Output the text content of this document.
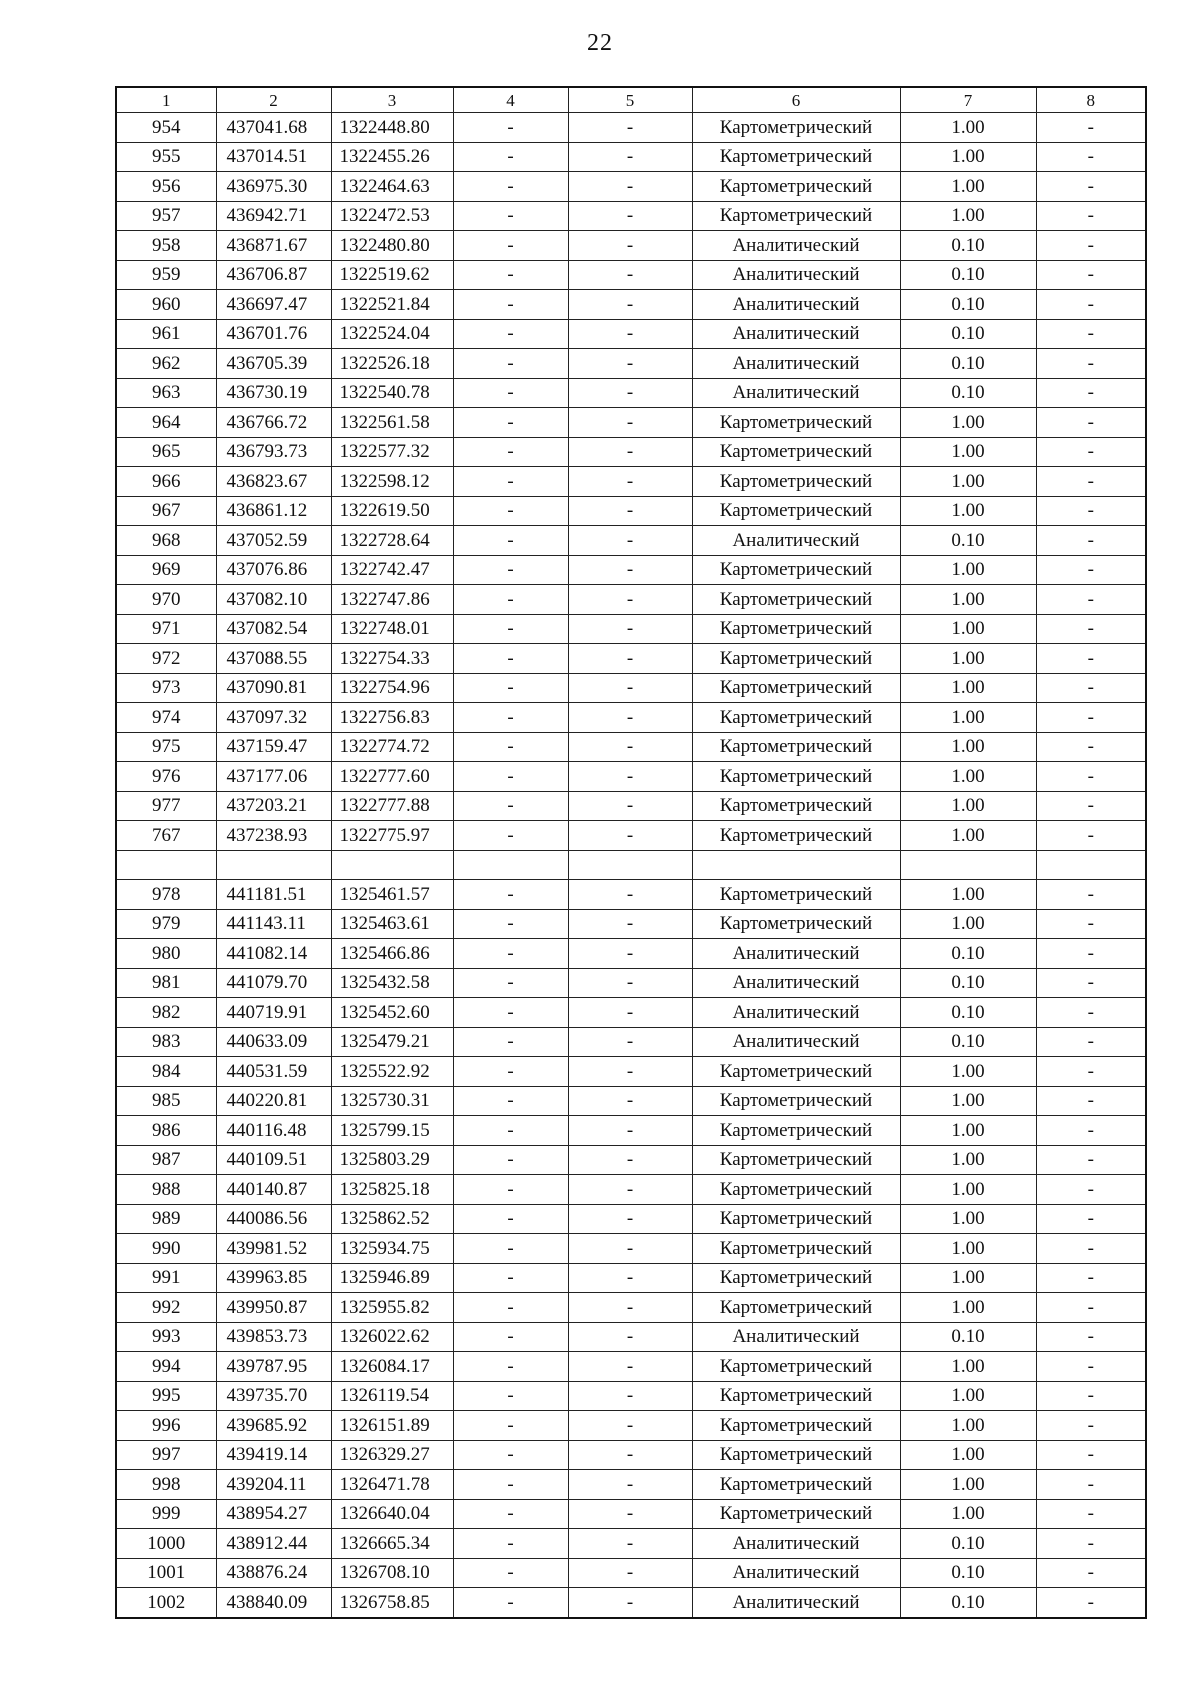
22
1	2	3	4	5	6	7	8
954	437041.68	1322448.80	-	-	Картометрический	1.00	-
955	437014.51	1322455.26	-	-	Картометрический	1.00	-
956	436975.30	1322464.63	-	-	Картометрический	1.00	-
957	436942.71	1322472.53	-	-	Картометрический	1.00	-
958	436871.67	1322480.80	-	-	Аналитический	0.10	-
959	436706.87	1322519.62	-	-	Аналитический	0.10	-
960	436697.47	1322521.84	-	-	Аналитический	0.10	-
961	436701.76	1322524.04	-	-	Аналитический	0.10	-
962	436705.39	1322526.18	-	-	Аналитический	0.10	-
963	436730.19	1322540.78	-	-	Аналитический	0.10	-
964	436766.72	1322561.58	-	-	Картометрический	1.00	-
965	436793.73	1322577.32	-	-	Картометрический	1.00	-
966	436823.67	1322598.12	-	-	Картометрический	1.00	-
967	436861.12	1322619.50	-	-	Картометрический	1.00	-
968	437052.59	1322728.64	-	-	Аналитический	0.10	-
969	437076.86	1322742.47	-	-	Картометрический	1.00	-
970	437082.10	1322747.86	-	-	Картометрический	1.00	-
971	437082.54	1322748.01	-	-	Картометрический	1.00	-
972	437088.55	1322754.33	-	-	Картометрический	1.00	-
973	437090.81	1322754.96	-	-	Картометрический	1.00	-
974	437097.32	1322756.83	-	-	Картометрический	1.00	-
975	437159.47	1322774.72	-	-	Картометрический	1.00	-
976	437177.06	1322777.60	-	-	Картометрический	1.00	-
977	437203.21	1322777.88	-	-	Картометрический	1.00	-
767	437238.93	1322775.97	-	-	Картометрический	1.00	-

978	441181.51	1325461.57	-	-	Картометрический	1.00	-
979	441143.11	1325463.61	-	-	Картометрический	1.00	-
980	441082.14	1325466.86	-	-	Аналитический	0.10	-
981	441079.70	1325432.58	-	-	Аналитический	0.10	-
982	440719.91	1325452.60	-	-	Аналитический	0.10	-
983	440633.09	1325479.21	-	-	Аналитический	0.10	-
984	440531.59	1325522.92	-	-	Картометрический	1.00	-
985	440220.81	1325730.31	-	-	Картометрический	1.00	-
986	440116.48	1325799.15	-	-	Картометрический	1.00	-
987	440109.51	1325803.29	-	-	Картометрический	1.00	-
988	440140.87	1325825.18	-	-	Картометрический	1.00	-
989	440086.56	1325862.52	-	-	Картометрический	1.00	-
990	439981.52	1325934.75	-	-	Картометрический	1.00	-
991	439963.85	1325946.89	-	-	Картометрический	1.00	-
992	439950.87	1325955.82	-	-	Картометрический	1.00	-
993	439853.73	1326022.62	-	-	Аналитический	0.10	-
994	439787.95	1326084.17	-	-	Картометрический	1.00	-
995	439735.70	1326119.54	-	-	Картометрический	1.00	-
996	439685.92	1326151.89	-	-	Картометрический	1.00	-
997	439419.14	1326329.27	-	-	Картометрический	1.00	-
998	439204.11	1326471.78	-	-	Картометрический	1.00	-
999	438954.27	1326640.04	-	-	Картометрический	1.00	-
1000	438912.44	1326665.34	-	-	Аналитический	0.10	-
1001	438876.24	1326708.10	-	-	Аналитический	0.10	-
1002	438840.09	1326758.85	-	-	Аналитический	0.10	-
